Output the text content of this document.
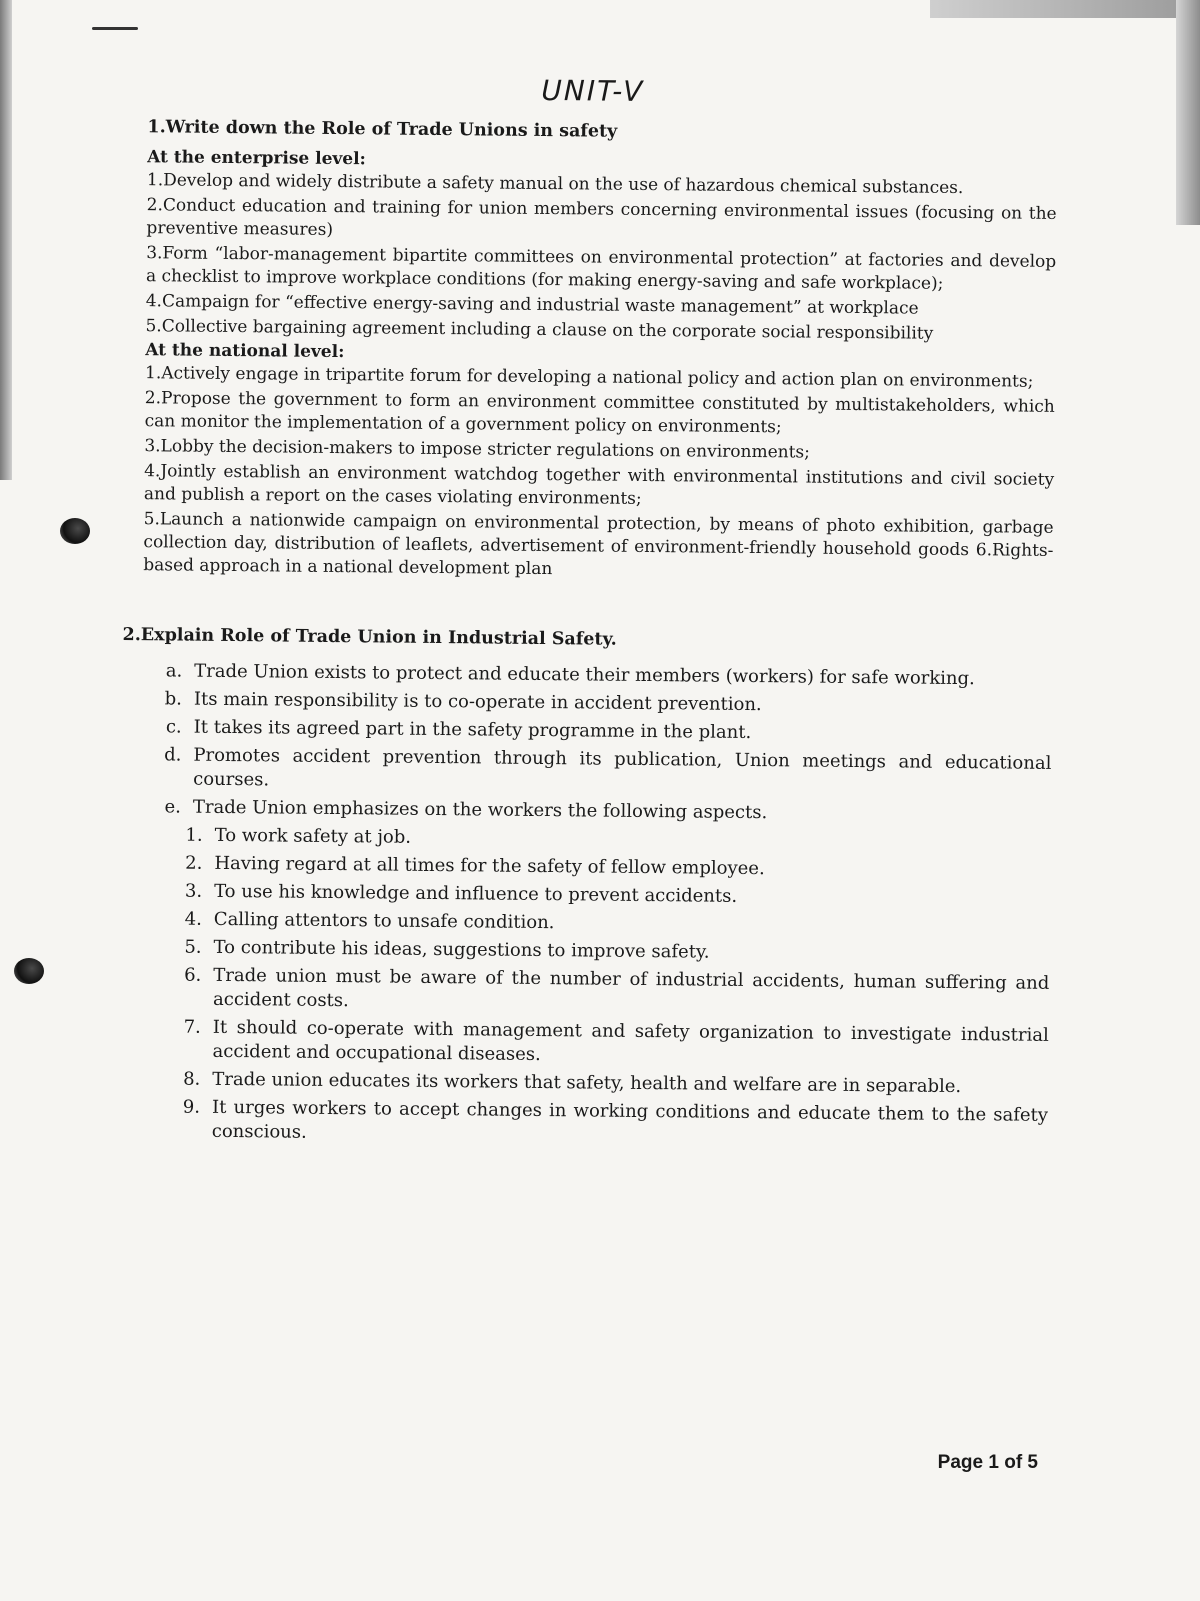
UNIT-V
1.Write down the Role of Trade Unions in safety
At the enterprise level:

1.Develop and widely distribute a safety manual on the use of hazardous chemical substances.

2.Conduct education and training for union members concerning environmental issues (focusing on the preventive measures)

3.Form “labor-management bipartite committees on environmental protection” at factories and develop a checklist to improve workplace conditions (for making energy-saving and safe workplace);

4.Campaign for “effective energy-saving and industrial waste management” at workplace

5.Collective bargaining agreement including a clause on the corporate social responsibility

At the national level:

1.Actively engage in tripartite forum for developing a national policy and action plan on environments;

2.Propose the government to form an environment committee constituted by multistakeholders, which can monitor the implementation of a government policy on environments;

3.Lobby the decision-makers to impose stricter regulations on environments;

4.Jointly establish an environment watchdog together with environmental institutions and civil society and publish a report on the cases violating environments;

5.Launch a nationwide campaign on environmental protection, by means of photo exhibition, garbage collection day, distribution of leaflets, advertisement of environment-friendly household goods 6.Rights-based approach in a national development plan

2.Explain Role of Trade Union in Industrial Safety.
a. Trade Union exists to protect and educate their members (workers) for safe working.
b. Its main responsibility is to co-operate in accident prevention.
c. It takes its agreed part in the safety programme in the plant.
d. Promotes accident prevention through its publication, Union meetings and educational courses.
e. Trade Union emphasizes on the workers the following aspects.
1. To work safety at job.
2. Having regard at all times for the safety of fellow employee.
3. To use his knowledge and influence to prevent accidents.
4. Calling attentors to unsafe condition.
5. To contribute his ideas, suggestions to improve safety.
6. Trade union must be aware of the number of industrial accidents, human suffering and accident costs.
7. It should co-operate with management and safety organization to investigate industrial accident and occupational diseases.
8. Trade union educates its workers that safety, health and welfare are in separable.
9. It urges workers to accept changes in working conditions and educate them to the safety conscious.
Page 1 of 5
